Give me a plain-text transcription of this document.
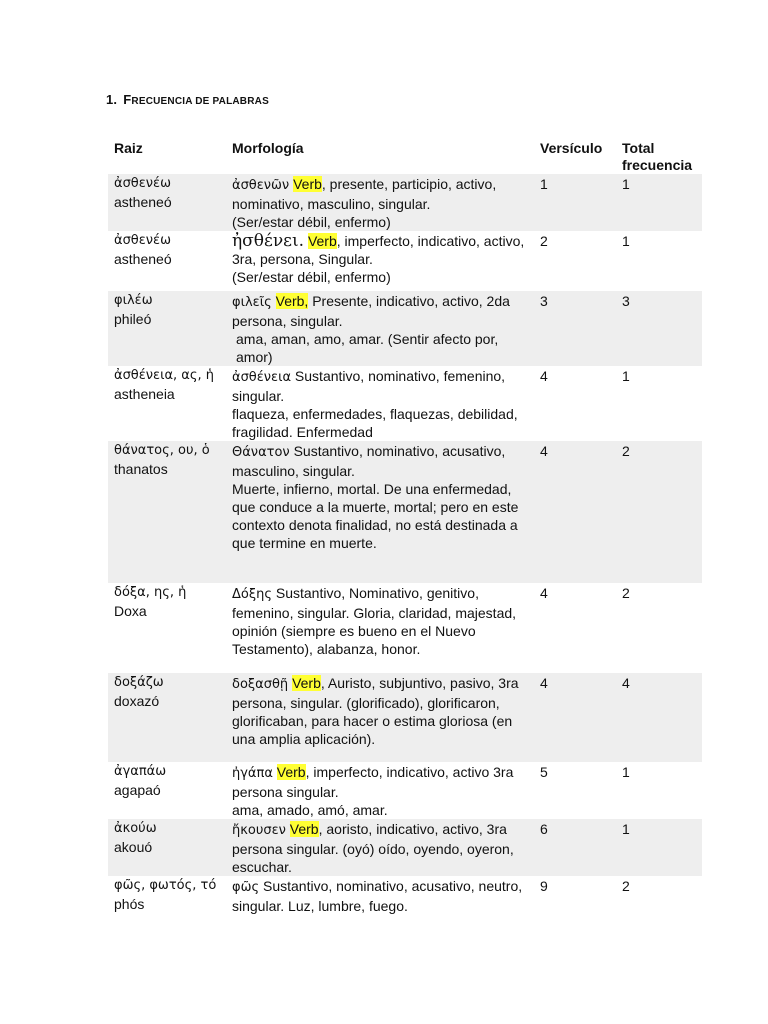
1. FRECUENCIA DE PALABRAS
Raiz	Morfología	Versículo	Total frecuencia

ἀσθενέω
astheneó	ἀσθενῶν Verb, presente, participio, activo, nominativo, masculino, singular.
(Ser/estar débil, enfermo)	1	1

ἀσθενέω
astheneó	ἠσθένει. Verb, imperfecto, indicativo, activo, 3ra, persona, Singular.
(Ser/estar débil, enfermo)	2	1

φιλέω
phileó	φιλεῖς Verb, Presente, indicativo, activo, 2da persona, singular.
ama, aman, amo, amar. (Sentir afecto por, amor)	3	3

ἀσθένεια, ας, ἡ
astheneia	ἀσθένεια Sustantivo, nominativo, femenino, singular.
flaqueza, enfermedades, flaquezas, debilidad, fragilidad. Enfermedad	4	1

θάνατος, ου, ὁ
thanatos	Θάνατον Sustantivo, nominativo, acusativo, masculino, singular.
Muerte, infierno, mortal. De una enfermedad, que conduce a la muerte, mortal; pero en este contexto denota finalidad, no está destinada a que termine en muerte.	4	2

δόξα, ης, ἡ
Doxa	Δόξης Sustantivo, Nominativo, genitivo, femenino, singular. Gloria, claridad, majestad, opinión (siempre es bueno en el Nuevo Testamento), alabanza, honor.	4	2

δοξάζω
doxazó	δοξασθῇ Verb, Auristo, subjuntivo, pasivo, 3ra persona, singular. (glorificado), glorificaron, glorificaban, para hacer o estima gloriosa (en una amplia aplicación).	4	4

ἀγαπάω
agapaó	ἠγάπα Verb, imperfecto, indicativo, activo 3ra persona singular.
ama, amado, amó, amar.	5	1

ἀκούω
akouó	ἤκουσεν Verb, aoristo, indicativo, activo, 3ra persona singular. (oyó) oído, oyendo, oyeron, escuchar.	6	1

φῶς, φωτός, τό
phós	φῶς Sustantivo, nominativo, acusativo, neutro, singular. Luz, lumbre, fuego.	9	2
